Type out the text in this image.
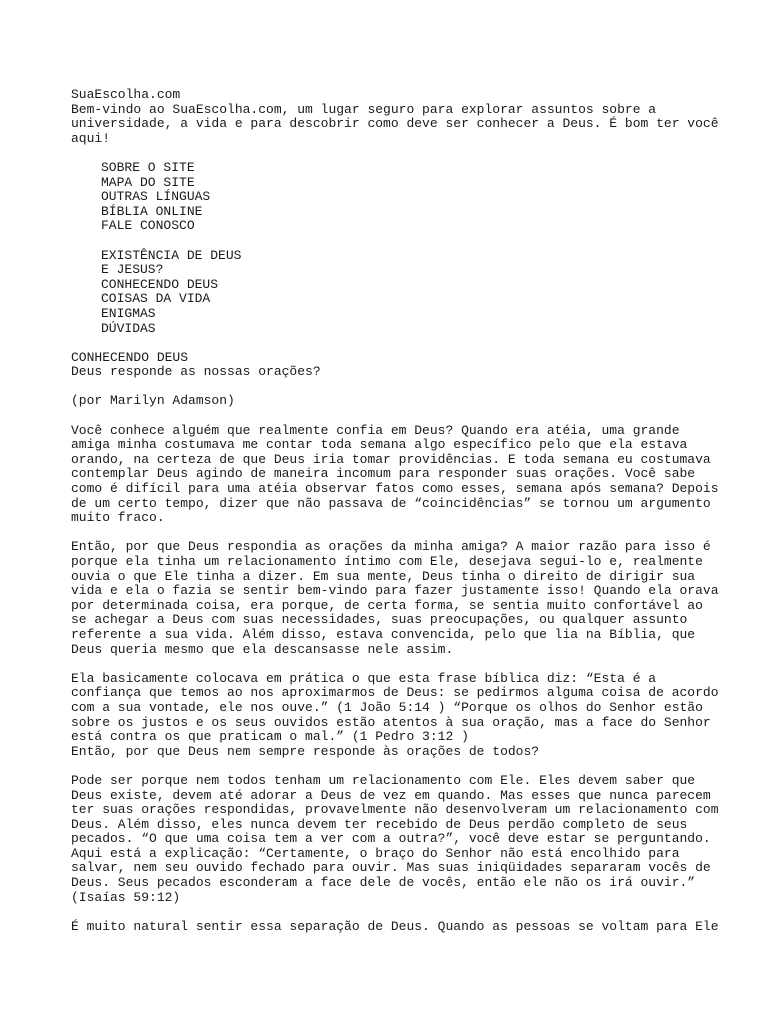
SuaEscolha.com
Bem-vindo ao SuaEscolha.com, um lugar seguro para explorar assuntos sobre a
universidade, a vida e para descobrir como deve ser conhecer a Deus. É bom ter você
aqui!
SOBRE O SITE
MAPA DO SITE
OUTRAS LÍNGUAS
BÍBLIA ONLINE
FALE CONOSCO
EXISTÊNCIA DE DEUS
E JESUS?
CONHECENDO DEUS
COISAS DA VIDA
ENIGMAS
DÚVIDAS
CONHECENDO DEUS
Deus responde as nossas orações?
(por Marilyn Adamson)
Você conhece alguém que realmente confia em Deus? Quando era atéia, uma grande
amiga minha costumava me contar toda semana algo específico pelo que ela estava
orando, na certeza de que Deus iria tomar providências. E toda semana eu costumava
contemplar Deus agindo de maneira incomum para responder suas orações. Você sabe
como é difícil para uma atéia observar fatos como esses, semana após semana? Depois
de um certo tempo, dizer que não passava de “coincidências” se tornou um argumento
muito fraco.
Então, por que Deus respondia as orações da minha amiga? A maior razão para isso é
porque ela tinha um relacionamento íntimo com Ele, desejava segui-lo e, realmente
ouvia o que Ele tinha a dizer. Em sua mente, Deus tinha o direito de dirigir sua
vida e ela o fazia se sentir bem-vindo para fazer justamente isso! Quando ela orava
por determinada coisa, era porque, de certa forma, se sentia muito confortável ao
se achegar a Deus com suas necessidades, suas preocupações, ou qualquer assunto
referente a sua vida. Além disso, estava convencida, pelo que lia na Bíblia, que
Deus queria mesmo que ela descansasse nele assim.
Ela basicamente colocava em prática o que esta frase bíblica diz: “Esta é a
confiança que temos ao nos aproximarmos de Deus: se pedirmos alguma coisa de acordo
com a sua vontade, ele nos ouve.” (1 João 5:14 ) “Porque os olhos do Senhor estão
sobre os justos e os seus ouvidos estão atentos à sua oração, mas a face do Senhor
está contra os que praticam o mal.” (1 Pedro 3:12 )
Então, por que Deus nem sempre responde às orações de todos?
Pode ser porque nem todos tenham um relacionamento com Ele. Eles devem saber que
Deus existe, devem até adorar a Deus de vez em quando. Mas esses que nunca parecem
ter suas orações respondidas, provavelmente não desenvolveram um relacionamento com
Deus. Além disso, eles nunca devem ter recebido de Deus perdão completo de seus
pecados. “O que uma coisa tem a ver com a outra?”, você deve estar se perguntando.
Aqui está a explicação: “Certamente, o braço do Senhor não está encolhido para
salvar, nem seu ouvido fechado para ouvir. Mas suas iniqüidades separaram vocês de
Deus. Seus pecados esconderam a face dele de vocês, então ele não os irá ouvir.”
(Isaías 59:12)
É muito natural sentir essa separação de Deus. Quando as pessoas se voltam para Ele
